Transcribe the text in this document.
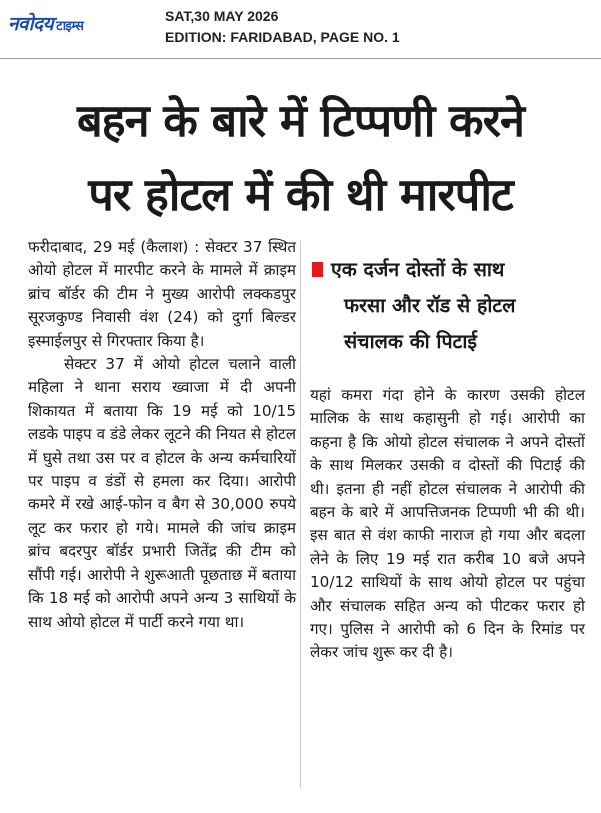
नवोदय टाइम्स
SAT,30 MAY 2026
EDITION: FARIDABAD, PAGE NO. 1
बहन के बारे में टिप्पणी करने
पर होटल में की थी मारपीट

फरीदाबाद, 29 मई (कैलाश) : सेक्टर 37 स्थित ओयो होटल में मारपीट करने के मामले में क्राइम ब्रांच बॉर्डर की टीम ने मुख्य आरोपी लक्कडपुर सूरजकुण्ड निवासी वंश (24) को दुर्गा बिल्डर इस्माईलपुर से गिरफ्तार किया है।

सेक्टर 37 में ओयो होटल चलाने वाली महिला ने थाना सराय ख्वाजा में दी अपनी शिकायत में बताया कि 19 मई को 10/15 लडके पाइप व डंडे लेकर लूटने की नियत से होटल में घुसे तथा उस पर व होटल के अन्य कर्मचारियों पर पाइप व डंडों से हमला कर दिया। आरोपी कमरे में रखे आई-फोन व बैग से 30,000 रुपये लूट कर फरार हो गये। मामले की जांच क्राइम ब्रांच बदरपुर बॉर्डर प्रभारी जितेंद्र की टीम को सौंपी गई। आरोपी ने शुरूआती पूछताछ में बताया कि 18 मई को आरोपी अपने अन्य 3 साथियों के साथ ओयो होटल में पार्टी करने गया था।

एक दर्जन दोस्तों के साथ
फरसा और रॉड से होटल
संचालक की पिटाई

यहां कमरा गंदा होने के कारण उसकी होटल मालिक के साथ कहासुनी हो गई। आरोपी का कहना है कि ओयो होटल संचालक ने अपने दोस्तों के साथ मिलकर उसकी व दोस्तों की पिटाई की थी। इतना ही नहीं होटल संचालक ने आरोपी की बहन के बारे में आपत्तिजनक टिप्पणी भी की थी। इस बात से वंश काफी नाराज हो गया और बदला लेने के लिए 19 मई रात करीब 10 बजे अपने 10/12 साथियों के साथ ओयो होटल पर पहुंचा और संचालक सहित अन्य को पीटकर फरार हो गए। पुलिस ने आरोपी को 6 दिन के रिमांड पर लेकर जांच शुरू कर दी है।
